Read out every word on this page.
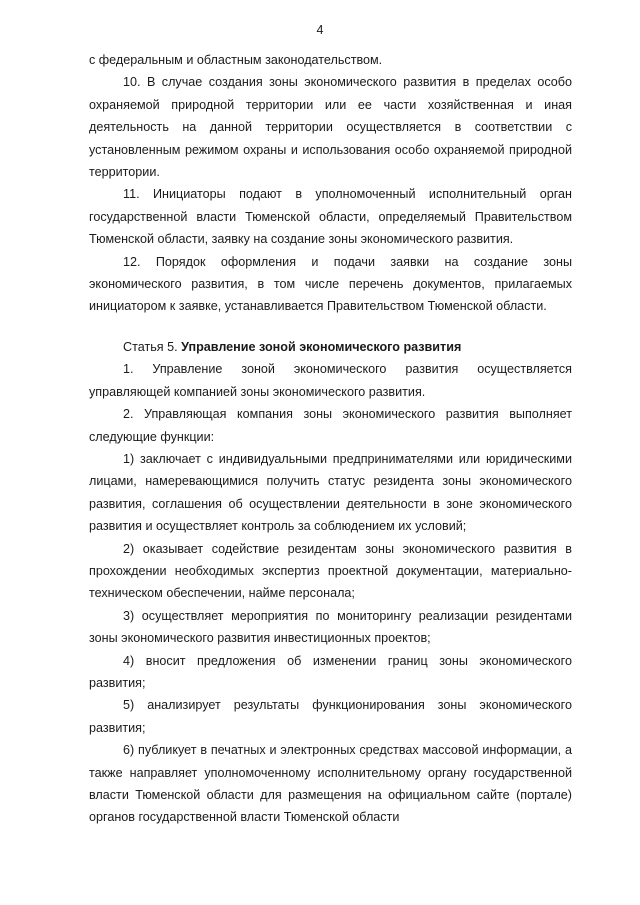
4

с федеральным и областным законодательством.

10. В случае создания зоны экономического развития в пределах особо охраняемой природной территории или ее части хозяйственная и иная деятельность на данной территории осуществляется в соответствии с установленным режимом охраны и использования особо охраняемой природной территории.

11. Инициаторы подают в уполномоченный исполнительный орган государственной власти Тюменской области, определяемый Правительством Тюменской области, заявку на создание зоны экономического развития.

12. Порядок оформления и подачи заявки на создание зоны экономического развития, в том числе перечень документов, прилагаемых инициатором к заявке, устанавливается Правительством Тюменской области.

Статья 5. Управление зоной экономического развития

1. Управление зоной экономического развития осуществляется управляющей компанией зоны экономического развития.

2. Управляющая компания зоны экономического развития выполняет следующие функции:

1) заключает с индивидуальными предпринимателями или юридическими лицами, намеревающимися получить статус резидента зоны экономического развития, соглашения об осуществлении деятельности в зоне экономического развития и осуществляет контроль за соблюдением их условий;

2) оказывает содействие резидентам зоны экономического развития в прохождении необходимых экспертиз проектной документации, материально-техническом обеспечении, найме персонала;

3) осуществляет мероприятия по мониторингу реализации резидентами зоны экономического развития инвестиционных проектов;

4) вносит предложения об изменении границ зоны экономического развития;

5) анализирует результаты функционирования зоны экономического развития;

6) публикует в печатных и электронных средствах массовой информации, а также направляет уполномоченному исполнительному органу государственной власти Тюменской области для размещения на официальном сайте (портале) органов государственной власти Тюменской области
